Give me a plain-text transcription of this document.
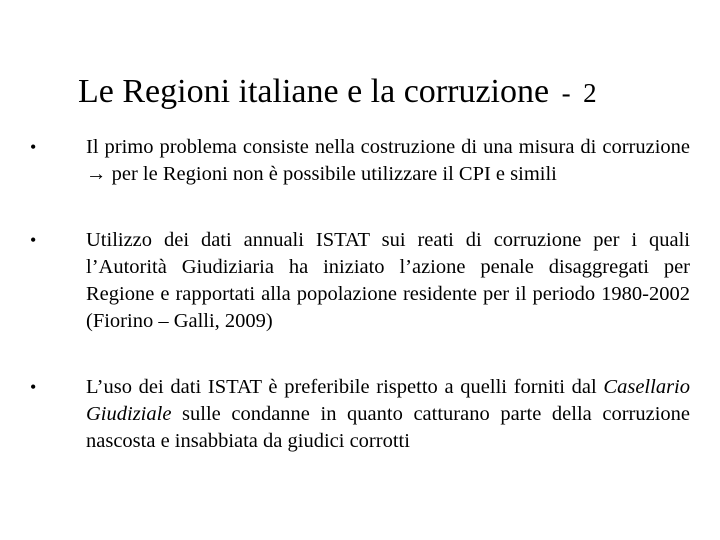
Le Regioni italiane e la corruzione - 2
•	Il primo problema consiste nella costruzione di una misura di corruzione → per le Regioni non è possibile utilizzare il CPI e simili

•	Utilizzo dei dati annuali ISTAT sui reati di corruzione per i quali l’Autorità Giudiziaria ha iniziato l’azione penale disaggregati per Regione e rapportati alla popolazione residente per il periodo 1980-2002 (Fiorino – Galli, 2009)

•	L’uso dei dati ISTAT è preferibile rispetto a quelli forniti dal Casellario Giudiziale sulle condanne in quanto catturano parte della corruzione nascosta e insabbiata da giudici corrotti
